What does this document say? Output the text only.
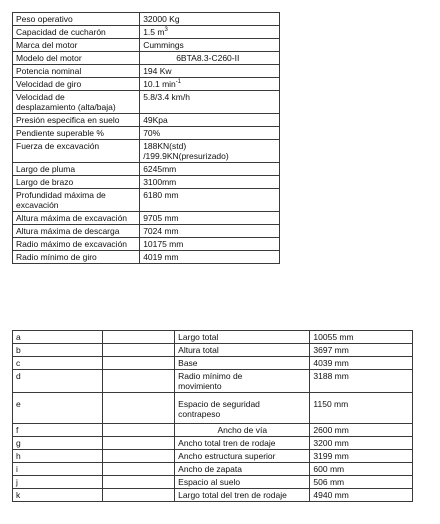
Peso operativo	32000 Kg
Capacidad de cucharón	1.5 $m^3$
Marca del motor	Cummings
Modelo del motor	6BTA8.3-C260-II
Potencia nominal	194 Kw
Velocidad de giro	10.1 $\min^{-1}$

Velocidad de
desplazamiento (alta/baja)	5.8/3.4 km/h
Presión especifica en suelo	49Kpa
Pendiente superable %	70%
Fuerza de excavación	188KN(std)
/199.9KN(presurizado)

Largo de pluma	6245mm
Largo de brazo	3100mm

Profundidad máxima de
excavación	6180 mm
Altura máxima de excavación	9705 mm
Altura máxima de descarga	7024 mm
Radio máximo de excavación	10175 mm
Radio mínimo de giro	4019 mm
a		Largo total	10055 mm
b		Altura total	3697 mm
c		Base	4039 mm
d		Radio mínimo de
movimiento	3188 mm
e		Espacio de seguridad
contrapeso	1150 mm
f		Ancho de vía	2600 mm
g		Ancho total tren de rodaje	3200 mm
h		Ancho estructura superior	3199 mm
i		Ancho de zapata	600 mm
j		Espacio al suelo	506 mm
k		Largo total del tren de rodaje	4940 mm
